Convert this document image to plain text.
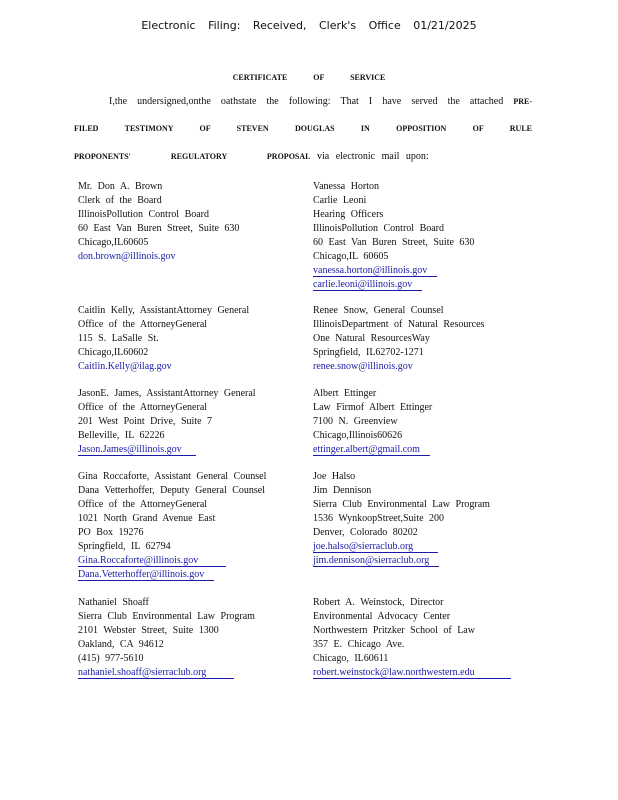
Electronic Filing: Received, Clerk's Office 01/21/2025
CERTIFICATE OF SERVICE
I,the undersigned,onthe oathstate the following: That I have served the attached PRE-
FILED TESTIMONY OF STEVEN DOUGLAS IN OPPOSITION OF RULE
PROPONENTS' REGULATORY PROPOSAL via electronic mail upon:
Mr. Don A. Brown
Clerk of the Board
IllinoisPollution Control Board
60 East Van Buren Street, Suite 630
Chicago,IL60605
don.brown@illinois.gov
Vanessa Horton
Carlie Leoni
Hearing Officers
IllinoisPollution Control Board
60 East Van Buren Street, Suite 630
Chicago,IL 60605
vanessa.horton@illinois.gov
carlie.leoni@illinois.gov
Caitlin Kelly, AssistantAttorney General
Office of the AttorneyGeneral
115 S. LaSalle St.
Chicago,IL60602
Caitlin.Kelly@ilag.gov
Renee Snow, General Counsel
IllinoisDepartment of Natural Resources
One Natural ResourcesWay
Springfield, IL62702-1271
renee.snow@illinois.gov
JasonE. James, AssistantAttorney General
Office of the AttorneyGeneral
201 West Point Drive, Suite 7
Belleville, IL 62226
Jason.James@illinois.gov
Albert Ettinger
Law Firmof Albert Ettinger
7100 N. Greenview
Chicago,Illinois60626
ettinger.albert@gmail.com
Gina Roccaforte, Assistant General Counsel
Dana Vetterhoffer, Deputy General Counsel
Office of the AttorneyGeneral
1021 North Grand Avenue East
PO Box 19276
Springfield, IL 62794
Gina.Roccaforte@illinois.gov
Dana.Vetterhoffer@illinois.gov
Joe Halso
Jim Dennison
Sierra Club Environmental Law Program
1536 WynkoopStreet,Suite 200
Denver, Colorado 80202
joe.halso@sierraclub.org
jim.dennison@sierraclub.org
Nathaniel Shoaff
Sierra Club Environmental Law Program
2101 Webster Street, Suite 1300
Oakland, CA 94612
(415) 977-5610
nathaniel.shoaff@sierraclub.org
Robert A. Weinstock, Director
Environmental Advocacy Center
Northwestern Pritzker School of Law
357 E. Chicago Ave.
Chicago, IL60611
robert.weinstock@law.northwestern.edu
